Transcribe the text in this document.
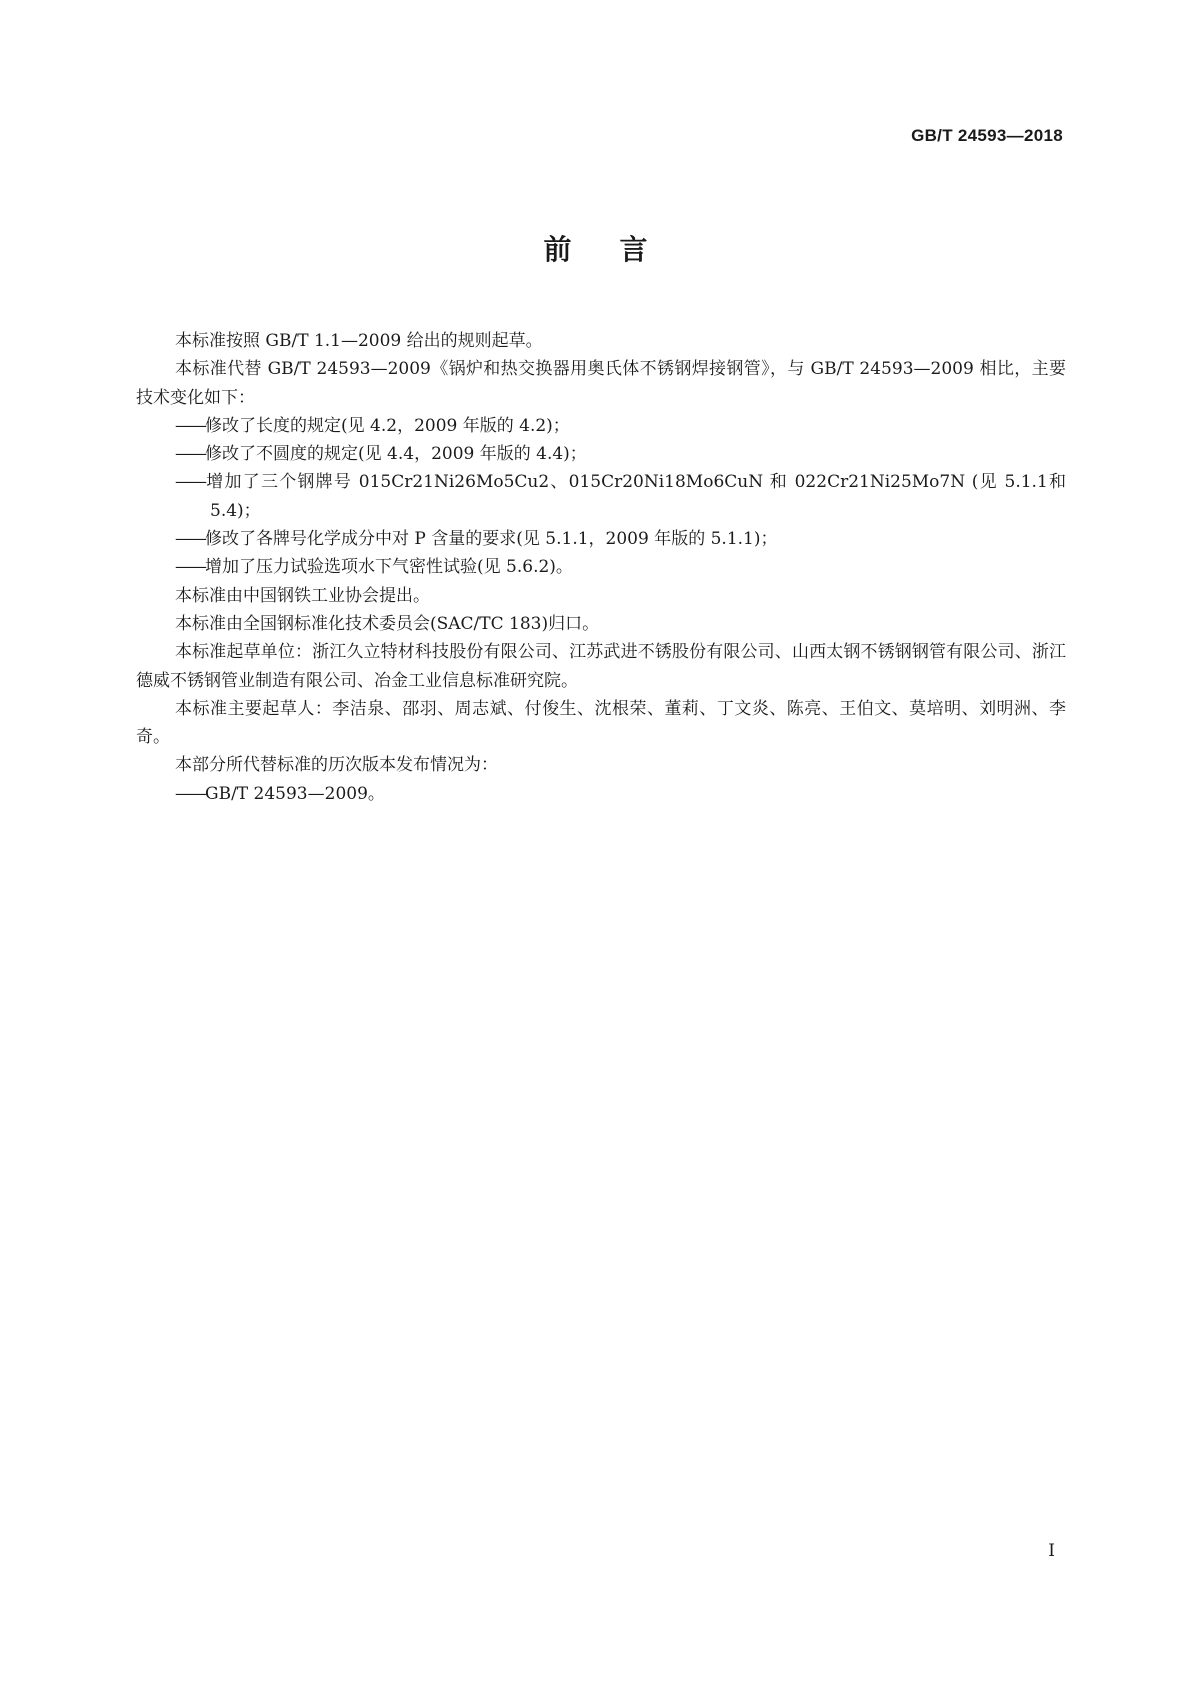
GB/T 24593—2018
前言

本标准按照 GB/T 1.1—2009 给出的规则起草。

本标准代替 GB/T 24593—2009《锅炉和热交换器用奥氏体不锈钢焊接钢管》，与 GB/T 24593—2009 相比，主要技术变化如下：

——修改了长度的规定(见 4.2，2009 年版的 4.2)；

——修改了不圆度的规定(见 4.4，2009 年版的 4.4)；

——增加了三个钢牌号 015Cr21Ni26Mo5Cu2、015Cr20Ni18Mo6CuN 和 022Cr21Ni25Mo7N (见 5.1.1和 5.4)；

——修改了各牌号化学成分中对 P 含量的要求(见 5.1.1，2009 年版的 5.1.1)；

——增加了压力试验选项水下气密性试验(见 5.6.2)。

本标准由中国钢铁工业协会提出。

本标准由全国钢标准化技术委员会(SAC/TC 183)归口。

本标准起草单位：浙江久立特材科技股份有限公司、江苏武进不锈股份有限公司、山西太钢不锈钢钢管有限公司、浙江德威不锈钢管业制造有限公司、冶金工业信息标准研究院。

本标准主要起草人：李洁泉、邵羽、周志斌、付俊生、沈根荣、董莉、丁文炎、陈亮、王伯文、莫培明、刘明洲、李奇。

本部分所代替标准的历次版本发布情况为：

——GB/T 24593—2009。

I
